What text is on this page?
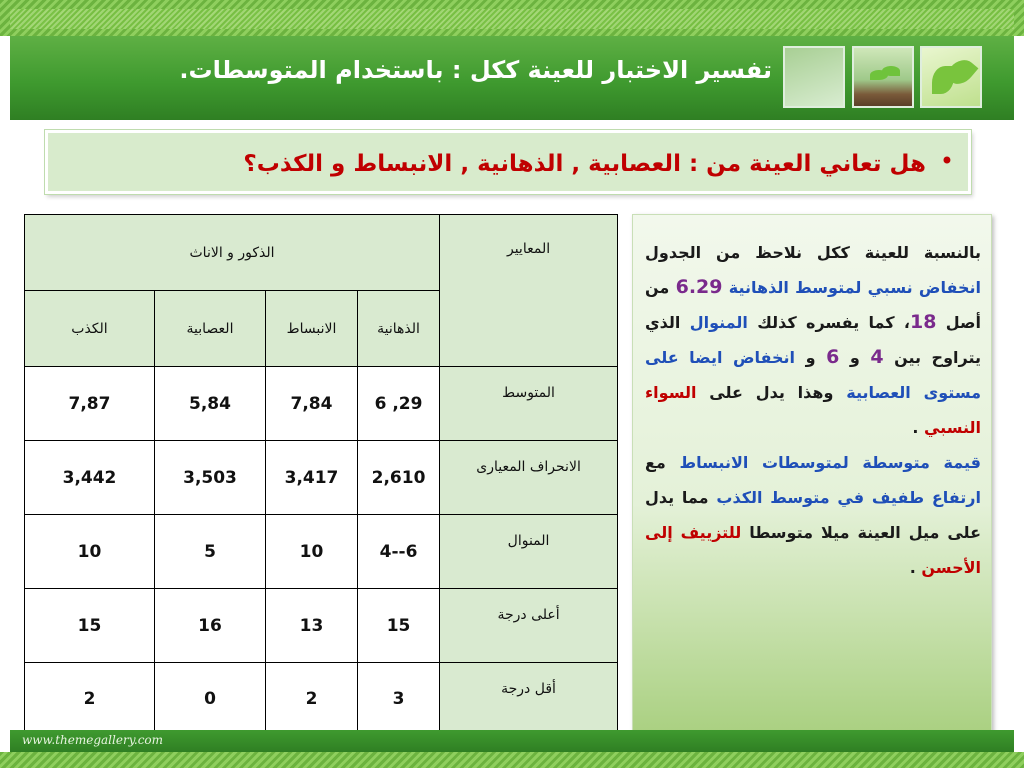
تفسير الاختبار للعينة ككل : باستخدام المتوسطات.
•
هل تعاني العينة من : العصابية , الذهانية , الانبساط و الكذب؟
الذكور و الاناث				المعايير
الكذب	العصابية	الانبساط	الذهانية	
7,87	5,84	7,84	6 ,29	المتوسط
3,442	3,503	3,417	2,610	الانحراف المعيارى
10	5	10	4--6	المنوال
15	16	13	15	أعلى درجة
2	0	2	3	أقل درجة
بالنسبة للعينة ككل نلاحظ من الجدول انخفاض نسبي لمتوسط الذهانية 6.29 من أصل 18، كما يفسره كذلك المنوال الذي يتراوح بين 4 و 6 و انخفاض ايضا على مستوى العصابية وهذا يدل على السواء النسبي .
قيمة متوسطة لمتوسطات الانبساط مع ارتفاع طفيف في متوسط الكذب مما يدل على ميل العينة ميلا متوسطا للتزييف إلى الأحسن .
www.themegallery.com
